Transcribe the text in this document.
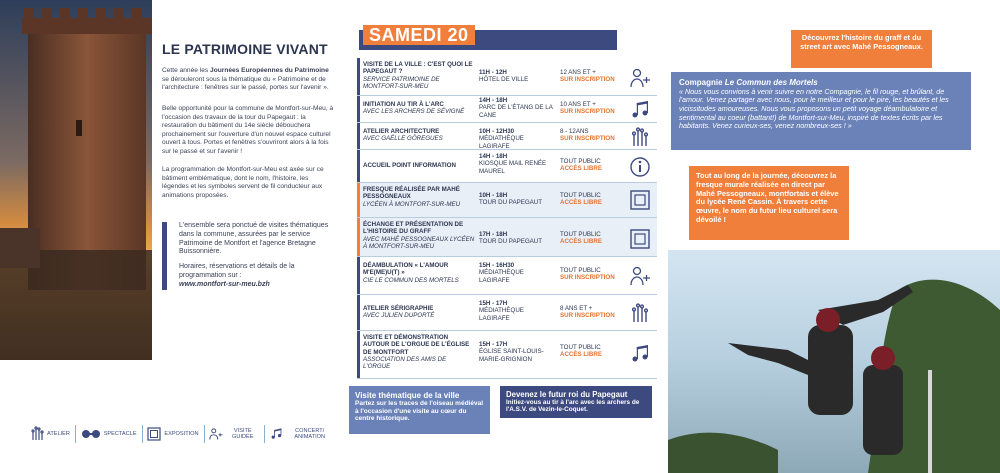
LE PATRIMOINE VIVANT

Cette année les Journées Européennes du Patrimoine se dérouleront sous la thématique du « Patrimoine et de l'architecture : fenêtres sur le passé, portes sur l'avenir ».

Belle opportunité pour la commune de Montfort-sur-Meu, à l'occasion des travaux de la tour du Papegaut : la restauration du bâtiment du 14e siècle débouchera prochainement sur l'ouverture d'un nouvel espace culturel ouvert à tous. Portes et fenêtres s'ouvriront alors à la fois sur le passé et sur l'avenir !

La programmation de Montfort-sur-Meu est axée sur ce bâtiment emblématique, dont le nom, l'histoire, les légendes et les symboles servent de fil conducteur aux animations proposées.

L'ensemble sera ponctué de visites thématiques dans la commune, assurées par le service Patrimoine de Montfort et l'agence Bretagne Buissonnière.

Horaires, réservations et détails de la programmation sur :

www.montfort-sur-meu.bzh

ATELIER	SPECTACLE	EXPOSITION
VISITE GUIDÉE
CONCERT/ ANIMATION
SAMEDI 20
VISITE DE LA VILLE : C'EST QUOI LE PAPEGAUT ?
SERVICE PATRIMOINE DE MONTFORT-SUR-MEU
11H - 12H
HÔTEL DE VILLE
12 ANS ET +
SUR INSCRIPTION
INITIATION AU TIR À L'ARC
AVEC LES ARCHERS DE SÉVIGNÉ
14H - 18H
PARC DE L'ÉTANG DE LA CANE
10 ANS ET +
SUR INSCRIPTION
ATELIER ARCHITECTURE
AVEC GAËLLE GÔREGUES
10H - 12H30
MÉDIATHÈQUE LAGIRAFE
8 - 12ANS
SUR INSCRIPTION
ACCUEIL POINT INFORMATION
14H - 18H
KIOSQUE MAIL RENÉE MAUREL
TOUT PUBLIC
ACCÈS LIBRE
FRESQUE RÉALISÉE PAR MAHÉ PESSOGNEAUX
LYCÉEN À MONTFORT-SUR-MEU
10H - 18H
TOUR DU PAPEGAUT
TOUT PUBLIC
ACCÈS LIBRE
ÉCHANGE ET PRÉSENTATION DE L'HISTOIRE DU GRAFF
AVEC MAHÉ PESSOGNEAUX LYCÉEN À MONTFORT-SUR-MEU
17H - 18H
TOUR DU PAPEGAUT
TOUT PUBLIC
ACCÈS LIBRE
DÉAMBULATION « L'AMOUR M'E(ME)U(T) »
CIE LE COMMUN DES MORTELS
15H - 16H30
MÉDIATHÈQUE LAGIRAFE
TOUT PUBLIC
SUR INSCRIPTION
ATELIER SÉRIGRAPHIE
AVEC JULIEN DUPORTÉ
15H - 17H
MÉDIATHÈQUE LAGIRAFE
8 ANS ET +
SUR INSCRIPTION
VISITE ET DÉMONSTRATION AUTOUR DE L'ORGUE DE L'ÉGLISE DE MONTFORT
ASSOCIATION DES AMIS DE L'ORGUE
15H - 17H
ÉGLISE SAINT-LOUIS-MARIE-GRIGNION
TOUT PUBLIC
ACCÈS LIBRE
Visite thématique de la ville
Partez sur les traces de l'oiseau médiéval à l'occasion d'une visite au cœur du centre historique.
Devenez le futur roi du Papegaut
Initiez-vous au tir à l'arc avec les archers de l'A.S.V. de Vezin-le-Coquet.
Découvrez l'histoire du graff et du street art avec Mahé Pessogneaux.
Compagnie Le Commun des Mortels
« Nous vous convions à venir suivre en notre Compagnie, le fil rouge, et brûlant, de l'amour. Venez partager avec nous, pour le meilleur et pour le pire, les beautés et les vicissitudes amoureuses. Nous vous proposons un petit voyage déambulatoire et sentimental au coeur (battant!) de Montfort-sur-Meu, inspiré de textes écrits par les habitants. Venez curieux-ses, venez nombreux-ses ! »
Tout au long de la journée, découvrez la fresque murale réalisée en direct par Mahé Pessogneaux, montfortais et élève du lycée René Cassin. À travers cette œuvre, le nom du futur lieu culturel sera dévoilé !
